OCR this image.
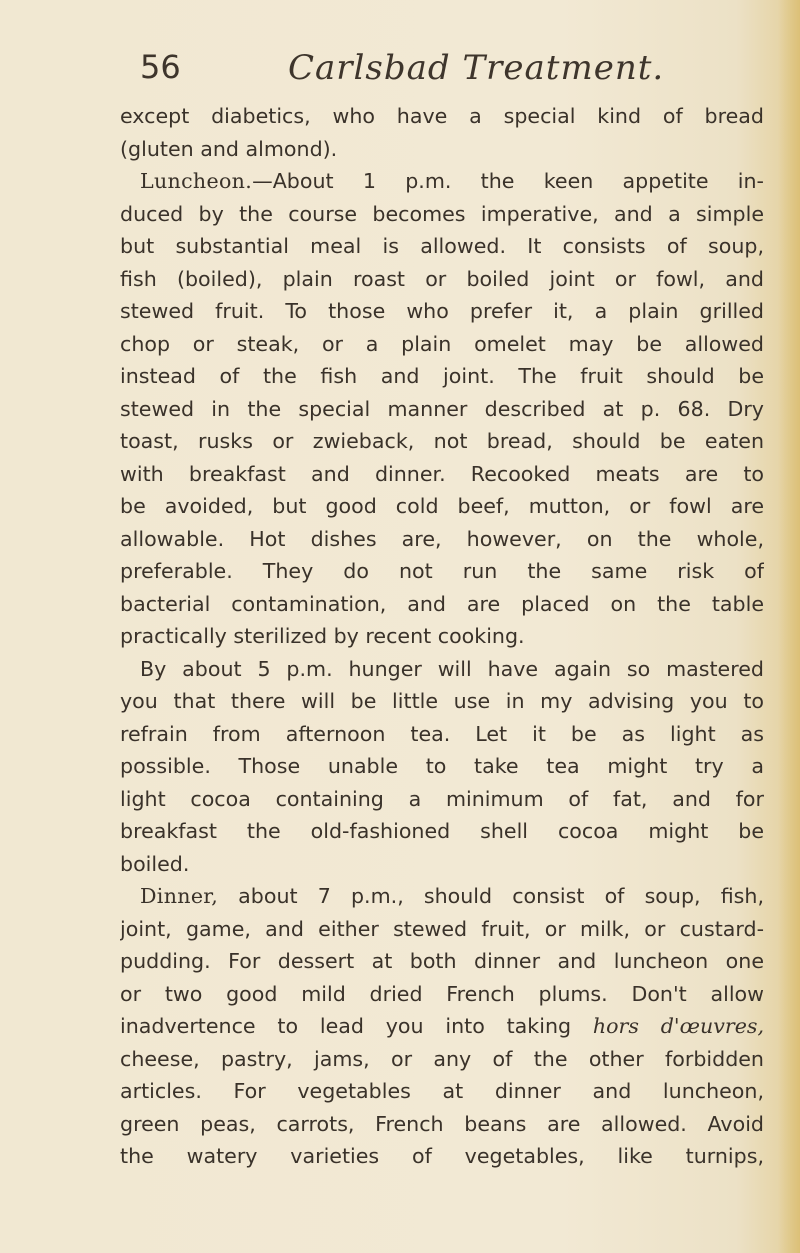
56	Carlsbad Treatment.
except diabetics, who have a special kind of bread
(gluten and almond).
Luncheon.—About 1 p.m. the keen appetite in-
duced by the course becomes imperative, and a simple
but substantial meal is allowed. It consists of soup,
fish (boiled), plain roast or boiled joint or fowl, and
stewed fruit. To those who prefer it, a plain grilled
chop or steak, or a plain omelet may be allowed
instead of the fish and joint. The fruit should be
stewed in the special manner described at p. 68. Dry
toast, rusks or zwieback, not bread, should be eaten
with breakfast and dinner. Recooked meats are to
be avoided, but good cold beef, mutton, or fowl are
allowable. Hot dishes are, however, on the whole,
preferable. They do not run the same risk of
bacterial contamination, and are placed on the table
practically sterilized by recent cooking.
By about 5 p.m. hunger will have again so mastered
you that there will be little use in my advising you to
refrain from afternoon tea. Let it be as light as
possible. Those unable to take tea might try a
light cocoa containing a minimum of fat, and for
breakfast the old-fashioned shell cocoa might be
boiled.
Dinner, about 7 p.m., should consist of soup, fish,
joint, game, and either stewed fruit, or milk, or custard-
pudding. For dessert at both dinner and luncheon one
or two good mild dried French plums. Don't allow
inadvertence to lead you into taking hors d'œuvres,
cheese, pastry, jams, or any of the other forbidden
articles. For vegetables at dinner and luncheon,
green peas, carrots, French beans are allowed. Avoid
the watery varieties of vegetables, like turnips,
